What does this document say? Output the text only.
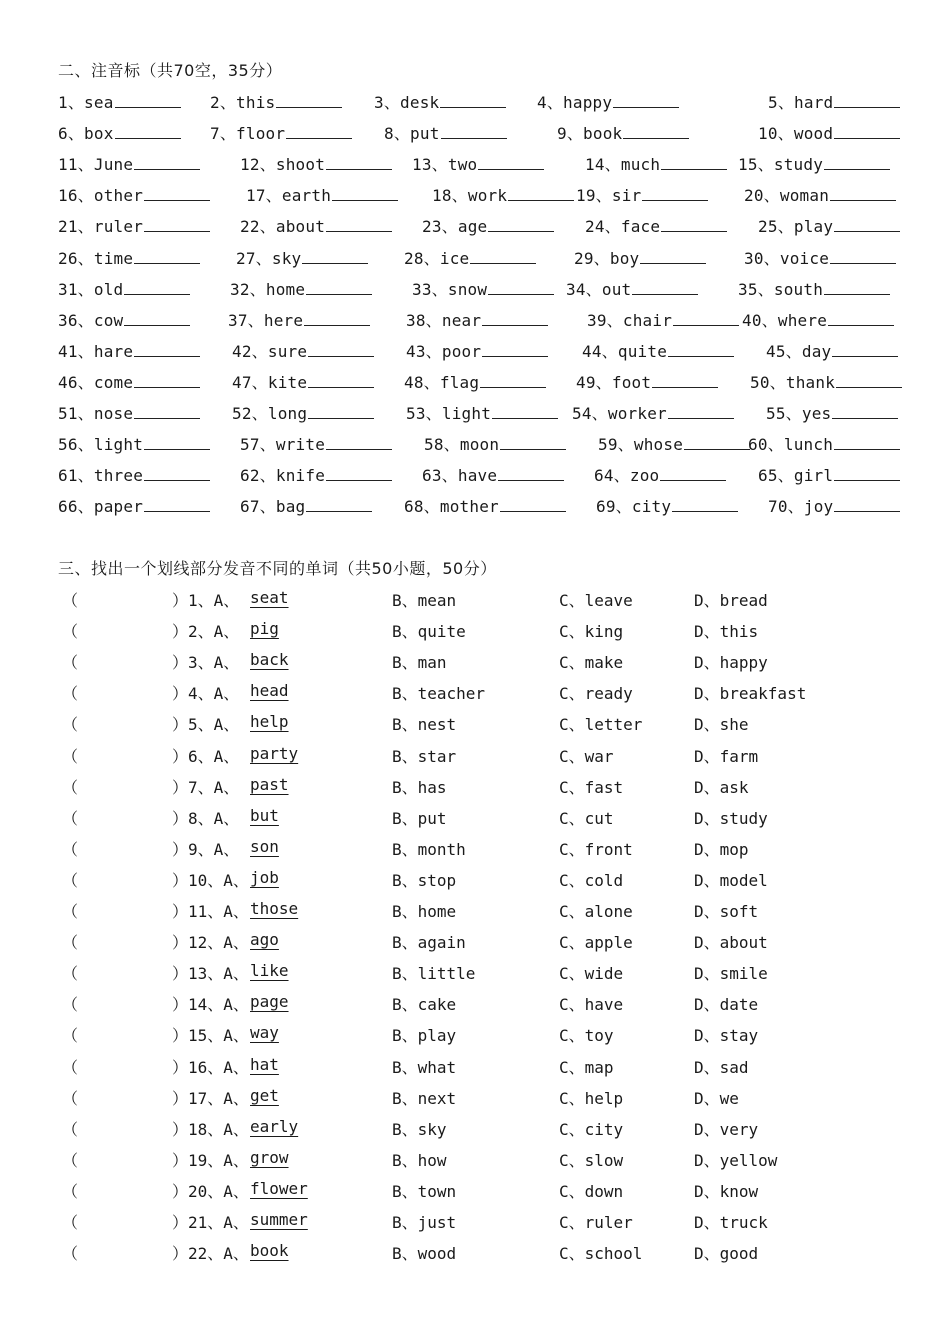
二、注音标（共70空，35分）
1、sea	2、this	3、desk	4、happy	5、hard
6、box	7、floor	8、put	9、book	10、wood
11、June	12、shoot	13、two	14、much	15、study
16、other	17、earth	18、work	19、sir	20、woman
21、ruler	22、about	23、age	24、face	25、play
26、time	27、sky	28、ice	29、boy	30、voice
31、old	32、home	33、snow	34、out	35、south
36、cow	37、here	38、near	39、chair	40、where
41、hare	42、sure	43、poor	44、quite	45、day
46、come	47、kite	48、flag	49、foot	50、thank
51、nose	52、long	53、light	54、worker	55、yes
56、light	57、write	58、moon	59、whose	60、lunch
61、three	62、knife	63、have	64、zoo	65、girl
66、paper	67、bag	68、mother	69、city	70、joy
三、找出一个划线部分发音不同的单词（共50小题，50分）
（	）1、A、 seat	B、mean	C、leave	D、bread
（	）2、A、 pig	B、quite	C、king	D、this
（	）3、A、 back	B、man	C、make	D、happy
（	）4、A、 head	B、teacher	C、ready	D、breakfast
（	）5、A、 help	B、nest	C、letter	D、she
（	）6、A、 party	B、star	C、war	D、farm
（	）7、A、 past	B、has	C、fast	D、ask
（	）8、A、 but	B、put	C、cut	D、study
（	）9、A、 son	B、month	C、front	D、mop
（	）10、A、 job	B、stop	C、cold	D、model
（	）11、A、 those	B、home	C、alone	D、soft
（	）12、A、 ago	B、again	C、apple	D、about
（	）13、A、 like	B、little	C、wide	D、smile
（	）14、A、 page	B、cake	C、have	D、date
（	）15、A、 way	B、play	C、toy	D、stay
（	）16、A、 hat	B、what	C、map	D、sad
（	）17、A、 get	B、next	C、help	D、we
（	）18、A、 early	B、sky	C、city	D、very
（	）19、A、 grow	B、how	C、slow	D、yellow
（	）20、A、 flower	B、town	C、down	D、know
（	）21、A、 summer	B、just	C、ruler	D、truck
（	）22、A、 book	B、wood	C、school	D、good
